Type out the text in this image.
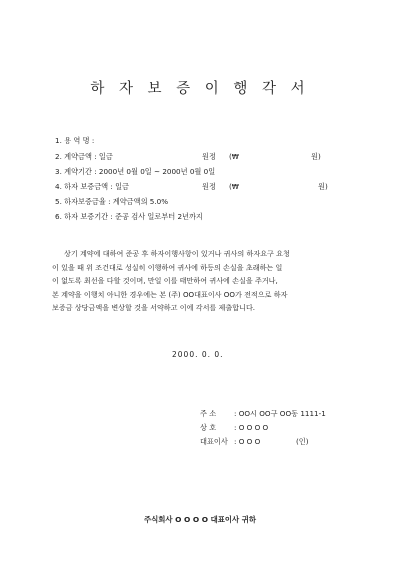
하 자 보 증 이 행 각 서
1. 용 역 명 :
2. 계약금액 : 일금	원정 (₩	원)
3. 계약기간 : 2000년 0월 0일 ~ 2000년 0월 0일
4. 하자 보증금액 : 일금	원정 (₩	원)
5. 하자보증금율 : 계약금액의 5.0%
6. 하자 보증기간 : 준공 검사 일로부터 2년까지
상기 계약에 대하여 준공 후 하자이행사항이 있거나 귀사의 하자요구 요청
이 있을 때 위 조건대로 성실히 이행하여 귀사에 하등의 손실을 초래하는 일
이 없도록 최선을 다할 것이며, 만일 이를 태만하여 귀사에 손실을 주거나,
본 계약을 이행치 아니한 경우에는 본 (주) OO대표이사 OO가 전적으로 하자
보증금 상당금액을 변상할 것을 서약하고 이에 각서를 제출합니다.
2000. 0. 0.
주 소 : OO시 OO구 OO동 1111-1
상 호 : O O O O
대표이사 : O O O	(인)
주식회사 O O O O 대표이사 귀하
